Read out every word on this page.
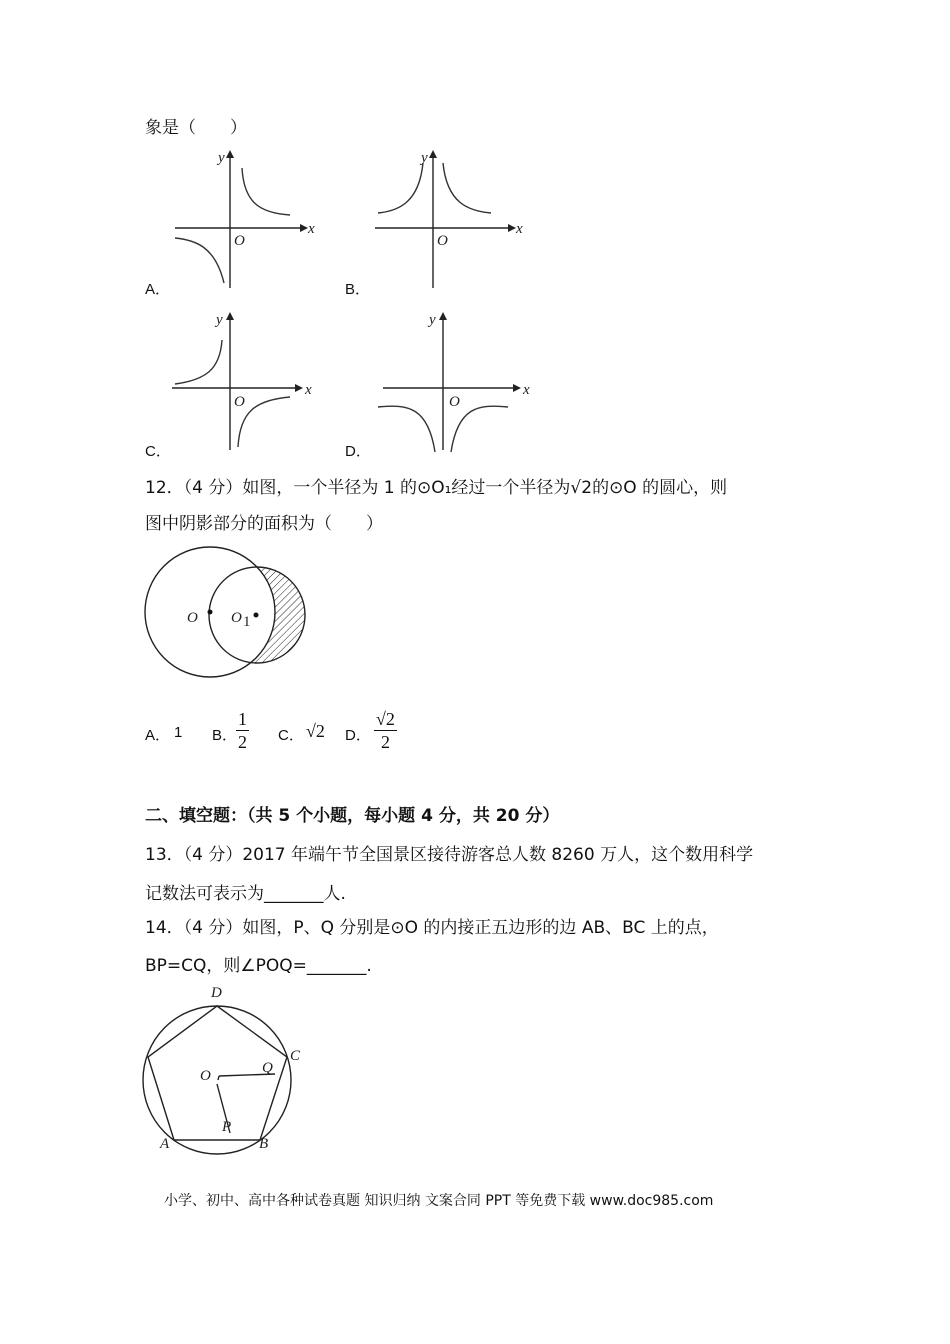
象是（　　）
y
x
O
A．
y
x
O
B．
y
x
O
C．
y
x
O
D．
12．（4 分）如图，一个半径为 1 的⊙O₁经过一个半径为√2的⊙O 的圆心，则
图中阴影部分的面积为（　　）
O O 1
A． 1 B．
$\frac{1}{2}$ C． √2 D． $\frac{√2}{2}$
二、填空题：（共 5 个小题，每小题 4 分，共 20 分）
13．（4 分）2017 年端午节全国景区接待游客总人数 8260 万人，这个数用科学
记数法可表示为_______人.
14．（4 分）如图，P、Q 分别是⊙O 的内接正五边形的边 AB、BC 上的点，
BP=CQ，则∠POQ=_______.
D
C
Q
O
P
A	B
小学、初中、高中各种试卷真题 知识归纳 文案合同 PPT 等免费下载 www.doc985.com
